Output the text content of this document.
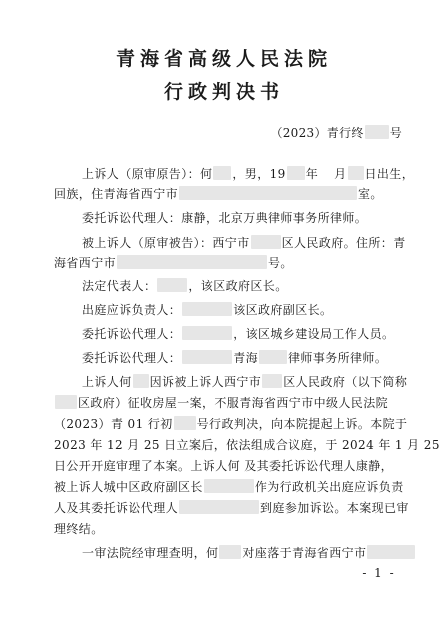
青海省高级人民法院
行政判决书
（2023）青行终 号
上诉人（原审原告）：何 ，男，19 年 月 日出生，
回族，住青海省西宁市	室。
委托诉讼代理人：康静，北京万典律师事务所律师。
被上诉人（原审被告）：西宁市	区人民政府。住所：青
海省西宁市	号。
法定代表人：	，该区政府区长。
出庭应诉负责人：	该区政府副区长。
委托诉讼代理人：	，该区城乡建设局工作人员。
委托诉讼代理人：	青海	律师事务所律师。
上诉人何 因诉被上诉人西宁市 区人民政府（以下简称
区政府）征收房屋一案，不服青海省西宁市中级人民法院
（2023）青 01 行初 号行政判决，向本院提起上诉。本院于
2023 年 12 月 25 日立案后，依法组成合议庭，于 2024 年 1 月 25
日公开开庭审理了本案。上诉人何 及其委托诉讼代理人康静，
被上诉人城中区政府副区长	作为行政机关出庭应诉负责
人及其委托诉讼代理人	到庭参加诉讼。本案现已审
理终结。
一审法院经审理查明，何 对座落于青海省西宁市
- 1 -
